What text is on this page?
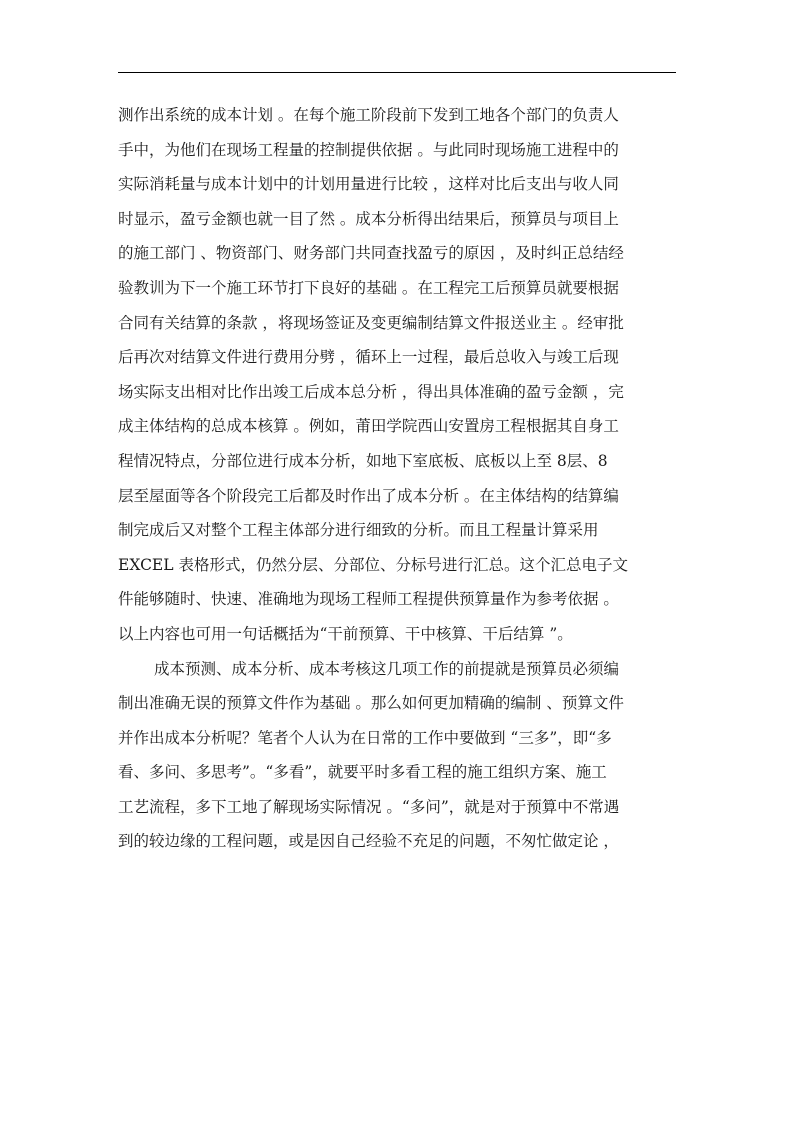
测作出系统的成本计划 。在每个施工阶段前下发到工地各个部门的负责人
手中，为他们在现场工程量的控制提供依据 。与此同时现场施工进程中的
实际消耗量与成本计划中的计划用量进行比较 ，这样对比后支出与收人同
时显示，盈亏金额也就一目了然 。成本分析得出结果后，预算员与项目上
的施工部门 、物资部门、财务部门共同查找盈亏的原因 ，及时纠正总结经
验教训为下一个施工环节打下良好的基础 。在工程完工后预算员就要根据
合同有关结算的条款 ，将现场签证及变更编制结算文件报送业主 。经审批
后再次对结算文件进行费用分劈 ，循环上一过程，最后总收入与竣工后现
场实际支出相对比作出竣工后成本总分析 ，得出具体准确的盈亏金额 ，完
成主体结构的总成本核算 。例如，莆田学院西山安置房工程根据其自身工
程情况特点，分部位进行成本分析，如地下室底板、底板以上至 8层、8
层至屋面等各个阶段完工后都及时作出了成本分析 。在主体结构的结算编
制完成后又对整个工程主体部分进行细致的分析。而且工程量计算采用
EXCEL 表格形式，仍然分层、分部位、分标号进行汇总。这个汇总电子文
件能够随时、快速、准确地为现场工程师工程提供预算量作为参考依据 。
以上内容也可用一句话概括为“干前预算、干中核算、干后结算 ”。
成本预测、成本分析、成本考核这几项工作的前提就是预算员必须编
制出准确无误的预算文件作为基础 。那么如何更加精确的编制 、预算文件
并作出成本分析呢？笔者个人认为在日常的工作中要做到 “三多”，即“多
看、多问、多思考”。“多看”，就要平时多看工程的施工组织方案、施工
工艺流程，多下工地了解现场实际情况 。“多问”，就是对于预算中不常遇
到的较边缘的工程问题，或是因自己经验不充足的问题，不匆忙做定论 ，
